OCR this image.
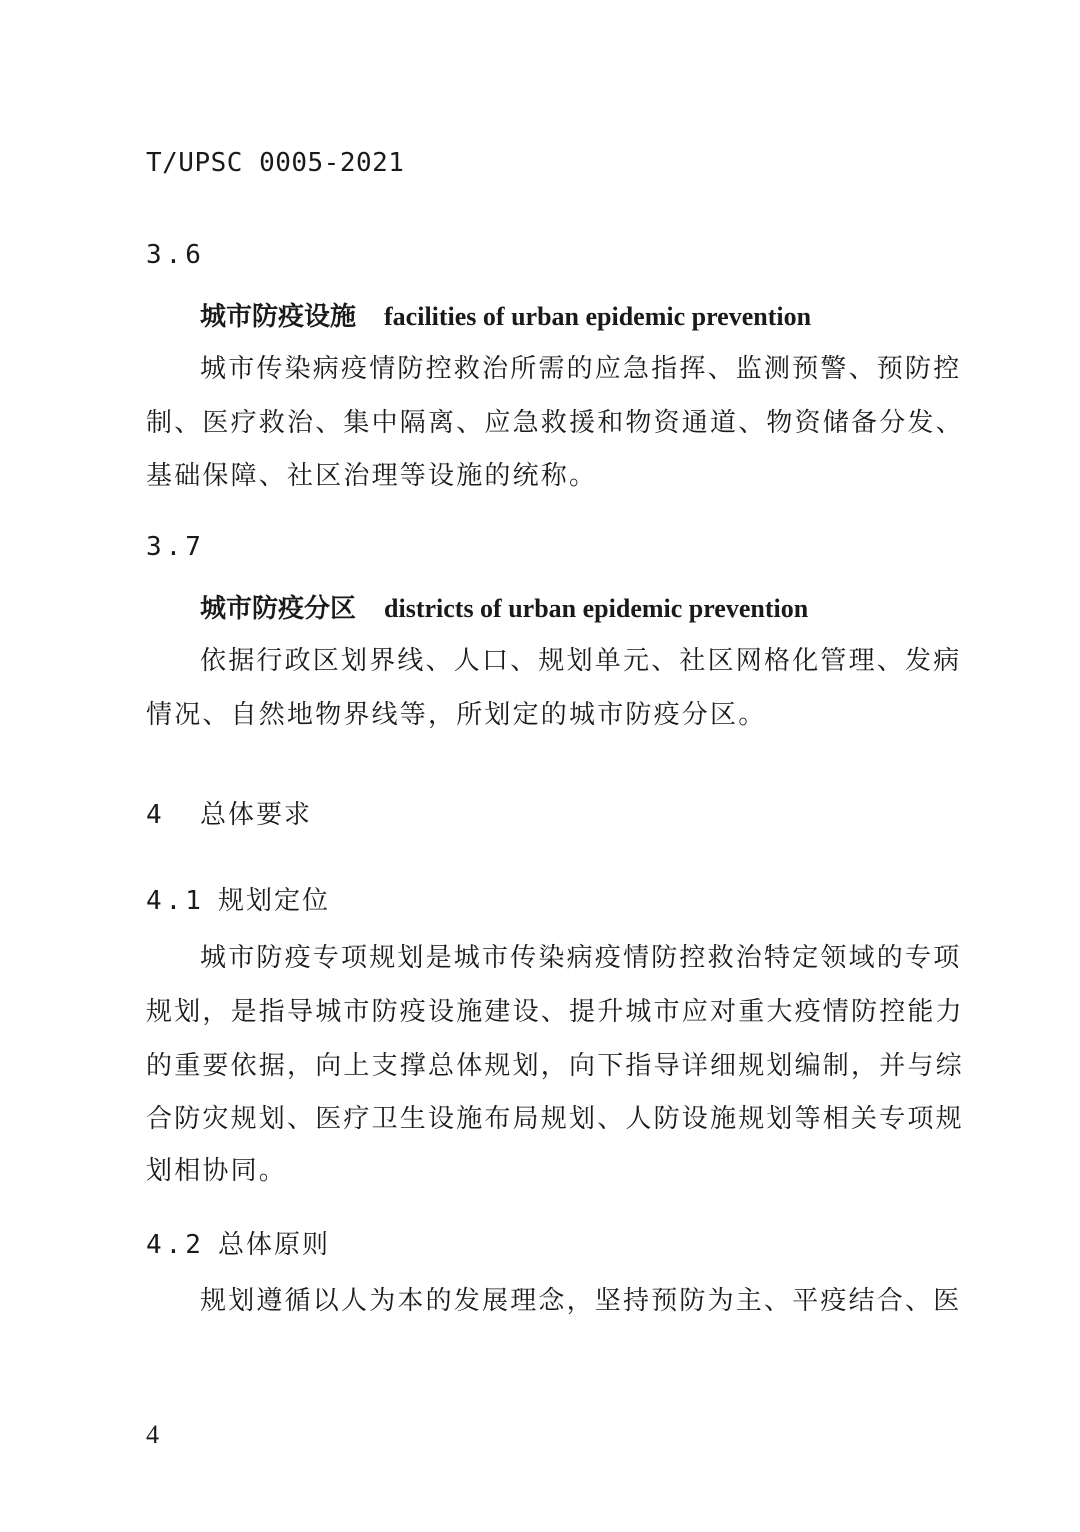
T/UPSC 0005-2021
3.6
城市防疫设施 facilities of urban epidemic prevention
城市传染病疫情防控救治所需的应急指挥、监测预警、预防控
制、医疗救治、集中隔离、应急救援和物资通道、物资储备分发、
基础保障、社区治理等设施的统称。
3.7
城市防疫分区 districts of urban epidemic prevention
依据行政区划界线、人口、规划单元、社区网格化管理、发病
情况、自然地物界线等，所划定的城市防疫分区。
4	总体要求
4.1 规划定位
城市防疫专项规划是城市传染病疫情防控救治特定领域的专项
规划，是指导城市防疫设施建设、提升城市应对重大疫情防控能力
的重要依据，向上支撑总体规划，向下指导详细规划编制，并与综
合防灾规划、医疗卫生设施布局规划、人防设施规划等相关专项规
划相协同。
4.2 总体原则
规划遵循以人为本的发展理念，坚持预防为主、平疫结合、医
4
